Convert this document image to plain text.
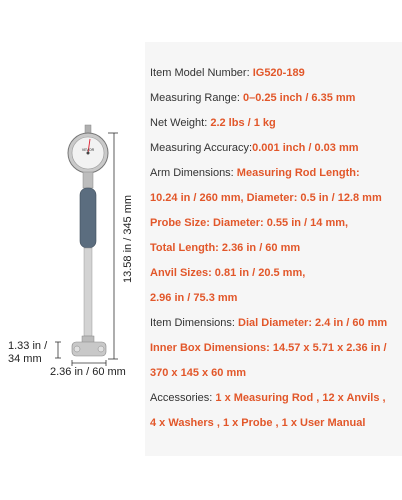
VEVOR
13.58 in / 345 mm
1.33 in /
34 mm
2.36 in / 60 mm
Item Model Number: IG520-189
Measuring Range: 0–0.25 inch / 6.35 mm
Net Weight: 2.2 lbs / 1 kg
Measuring Accuracy:0.001 inch / 0.03 mm
Arm Dimensions: Measuring Rod Length:
10.24 in / 260 mm, Diameter: 0.5 in / 12.8 mm
Probe Size: Diameter: 0.55 in / 14 mm,
Total Length: 2.36 in / 60 mm
Anvil Sizes: 0.81 in / 20.5 mm,
2.96 in / 75.3 mm
Item Dimensions: Dial Diameter: 2.4 in / 60 mm
Inner Box Dimensions: 14.57 x 5.71 x 2.36 in /
370 x 145 x 60 mm
Accessories: 1 x Measuring Rod , 12 x Anvils ,
4 x Washers , 1 x Probe , 1 x User Manual
